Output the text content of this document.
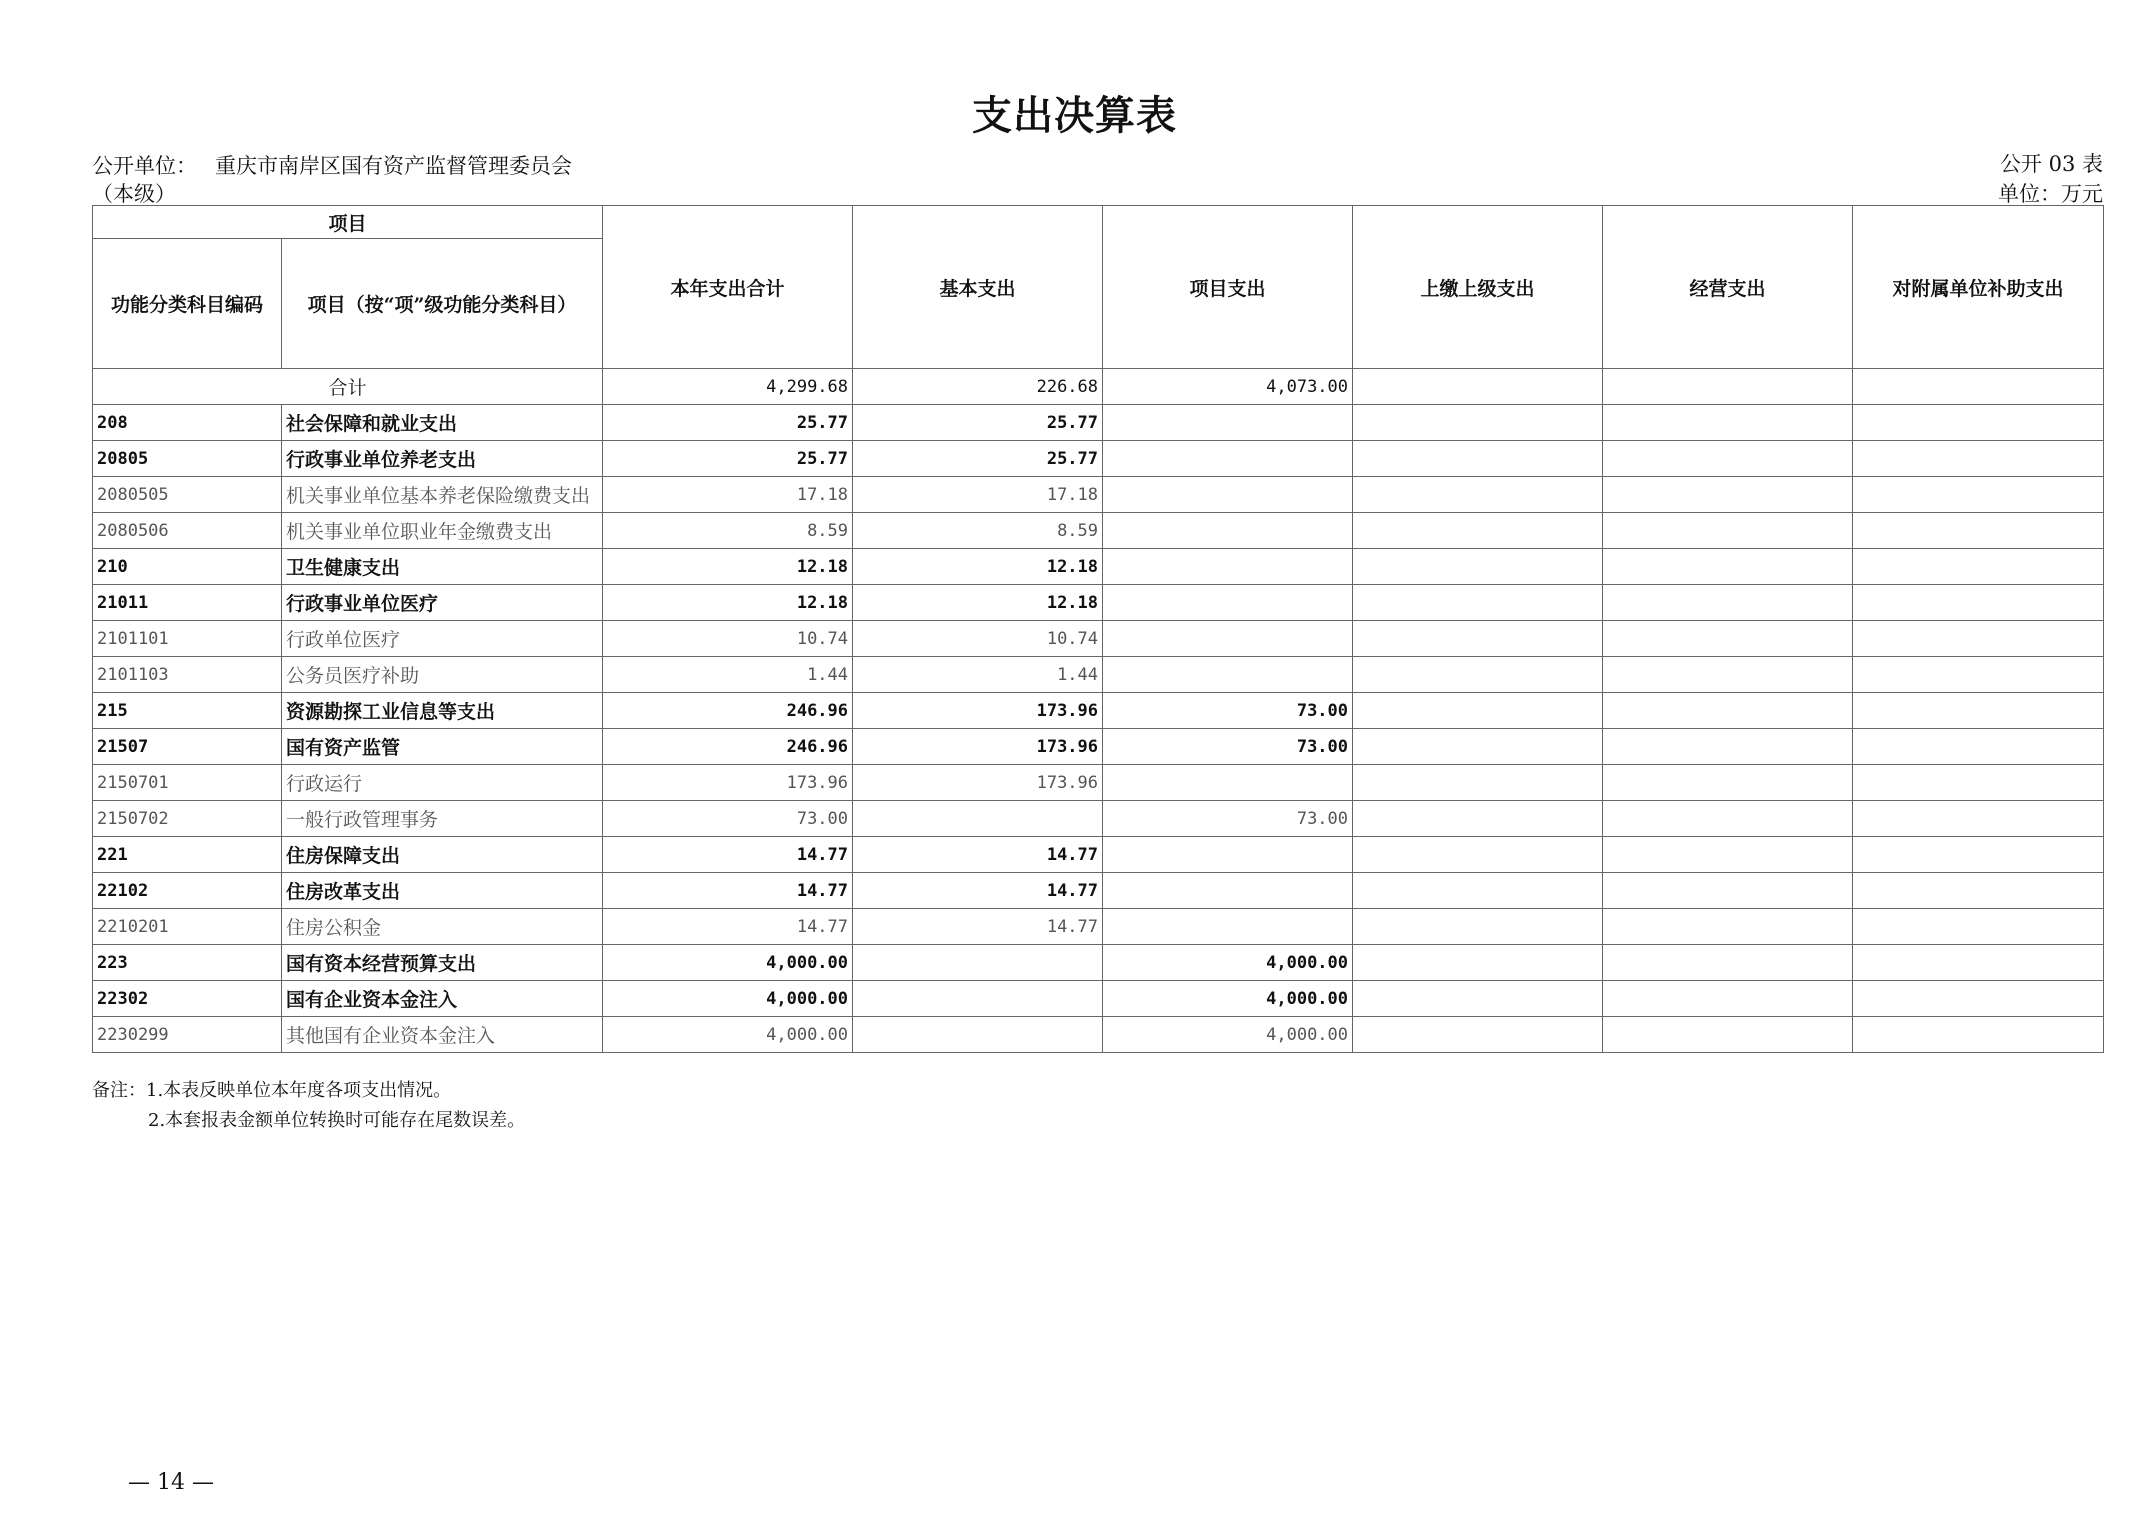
支出决算表
公开单位： 重庆市南岸区国有资产监督管理委员会
（本级）
公开 03 表
单位：万元
项目		本年支出合计	基本支出	项目支出	上缴上级支出	经营支出	对附属单位补助支出
功能分类科目编码	项目（按“项”级功能分类科目）						
合计		4,299.68	226.68	4,073.00			
208	社会保障和就业支出	25.77	25.77				
20805	行政事业单位养老支出	25.77	25.77				
2080505	机关事业单位基本养老保险缴费支出	17.18	17.18				
2080506	机关事业单位职业年金缴费支出	8.59	8.59				
210	卫生健康支出	12.18	12.18				
21011	行政事业单位医疗	12.18	12.18				
2101101	行政单位医疗	10.74	10.74				
2101103	公务员医疗补助	1.44	1.44				
215	资源勘探工业信息等支出	246.96	173.96	73.00			
21507	国有资产监管	246.96	173.96	73.00			
2150701	行政运行	173.96	173.96				
2150702	一般行政管理事务	73.00		73.00			
221	住房保障支出	14.77	14.77				
22102	住房改革支出	14.77	14.77				
2210201	住房公积金	14.77	14.77				
223	国有资本经营预算支出	4,000.00		4,000.00			
22302	国有企业资本金注入	4,000.00		4,000.00			
2230299	其他国有企业资本金注入	4,000.00		4,000.00			
备注：1.本表反映单位本年度各项支出情况。
2.本套报表金额单位转换时可能存在尾数误差。
— 14 —
